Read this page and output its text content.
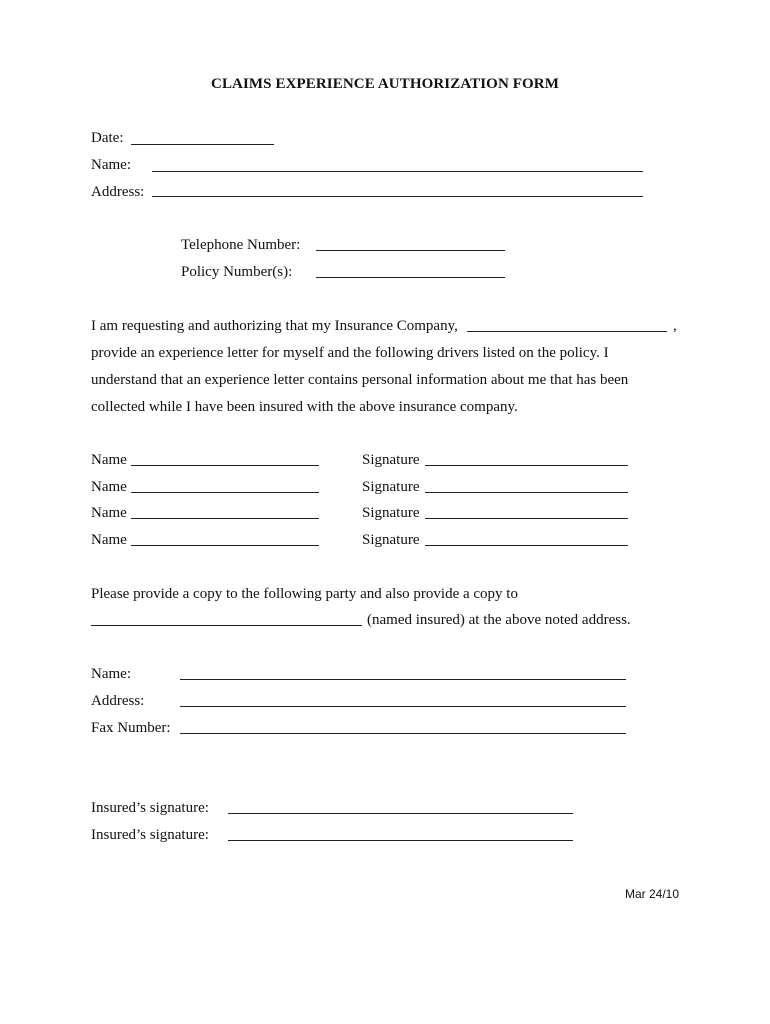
CLAIMS EXPERIENCE AUTHORIZATION FORM
Date:
Name:
Address:
Telephone Number:
Policy Number(s):
I am requesting and authorizing that my Insurance Company,	,
provide an experience letter for myself and the following drivers listed on the policy. I
understand that an experience letter contains personal information about me that has been
collected while I have been insured with the above insurance company.
Name	Signature
Name	Signature
Name	Signature
Name	Signature
Please provide a copy to the following party and also provide a copy to
(named insured) at the above noted address.
Name:
Address:
Fax Number:
Insured’s signature:
Insured’s signature:
Mar 24/10
